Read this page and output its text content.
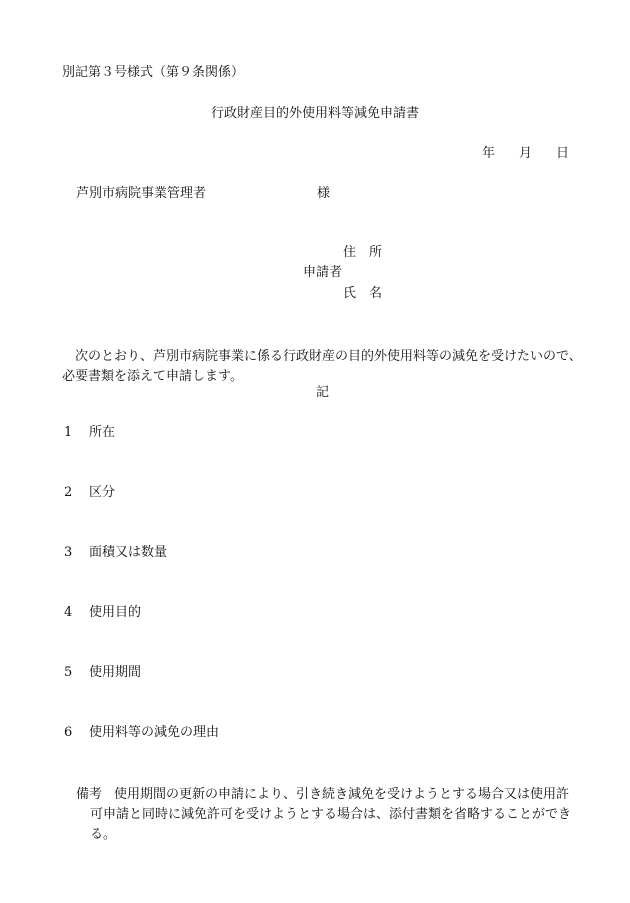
別記第３号様式（第９条関係）
行政財産目的外使用料等減免申請書
年 月 日
芦別市病院事業管理者	様
住　所
申請者
氏　名
次のとおり、芦別市病院事業に係る行政財産の目的外使用料等の減免を受けたいので、
必要書類を添えて申請します。
記
1 所在
2 区分
3 面積又は数量
4 使用目的
5 使用期間
6 使用料等の減免の理由
備考 使用期間の更新の申請により、引き続き減免を受けようとする場合又は使用許
可申請と同時に減免許可を受けようとする場合は、添付書類を省略することができ
る。
